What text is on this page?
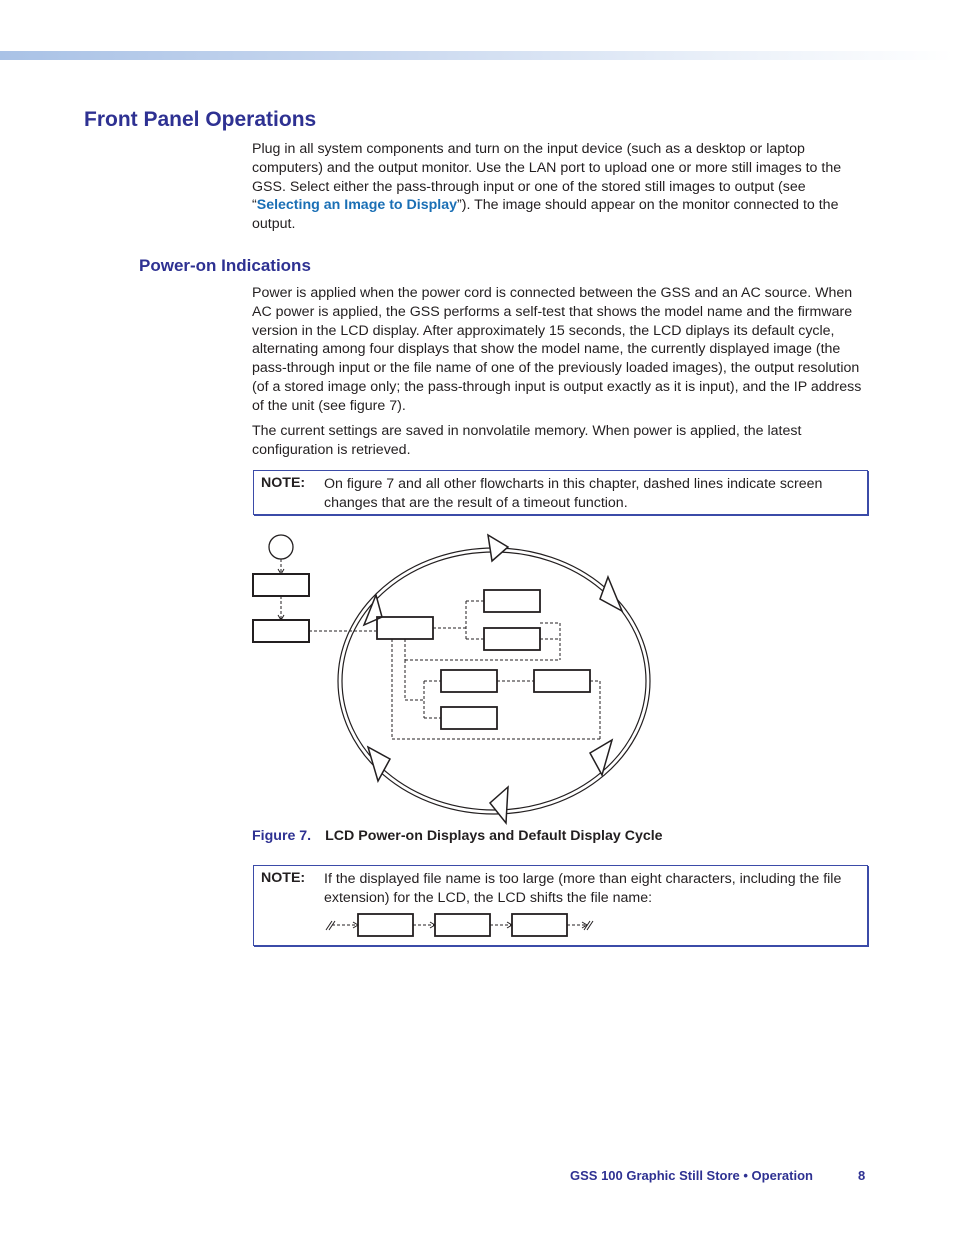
Front Panel Operations

Plug in all system components and turn on the input device (such as a desktop or laptop computers) and the output monitor. Use the LAN port to upload one or more still images to the GSS. Select either the pass-through input or one of the stored still images to output (see “Selecting an Image to Display”). The image should appear on the monitor connected to the output.

Power-on Indications

Power is applied when the power cord is connected between the GSS and an AC source. When AC power is applied, the GSS performs a self-test that shows the model name and the firmware version in the LCD display. After approximately 15 seconds, the LCD diplays its default cycle, alternating among four displays that show the model name, the currently displayed image (the pass-through input or the file name of one of the previously loaded images), the output resolution (of a stored image only; the pass-through input is output exactly as it is input), and the IP address of the unit (see figure 7).

The current settings are saved in nonvolatile memory. When power is applied, the latest configuration is retrieved.

NOTE: On figure 7 and all other flowcharts in this chapter, dashed lines indicate screen changes that are the result of a timeout function.
Figure 7. LCD Power-on Displays and Default Display Cycle
NOTE: If the displayed file name is too large (more than eight characters, including the file extension) for the LCD, the LCD shifts the file name:
GSS 100 Graphic Still Store • Operation	8
